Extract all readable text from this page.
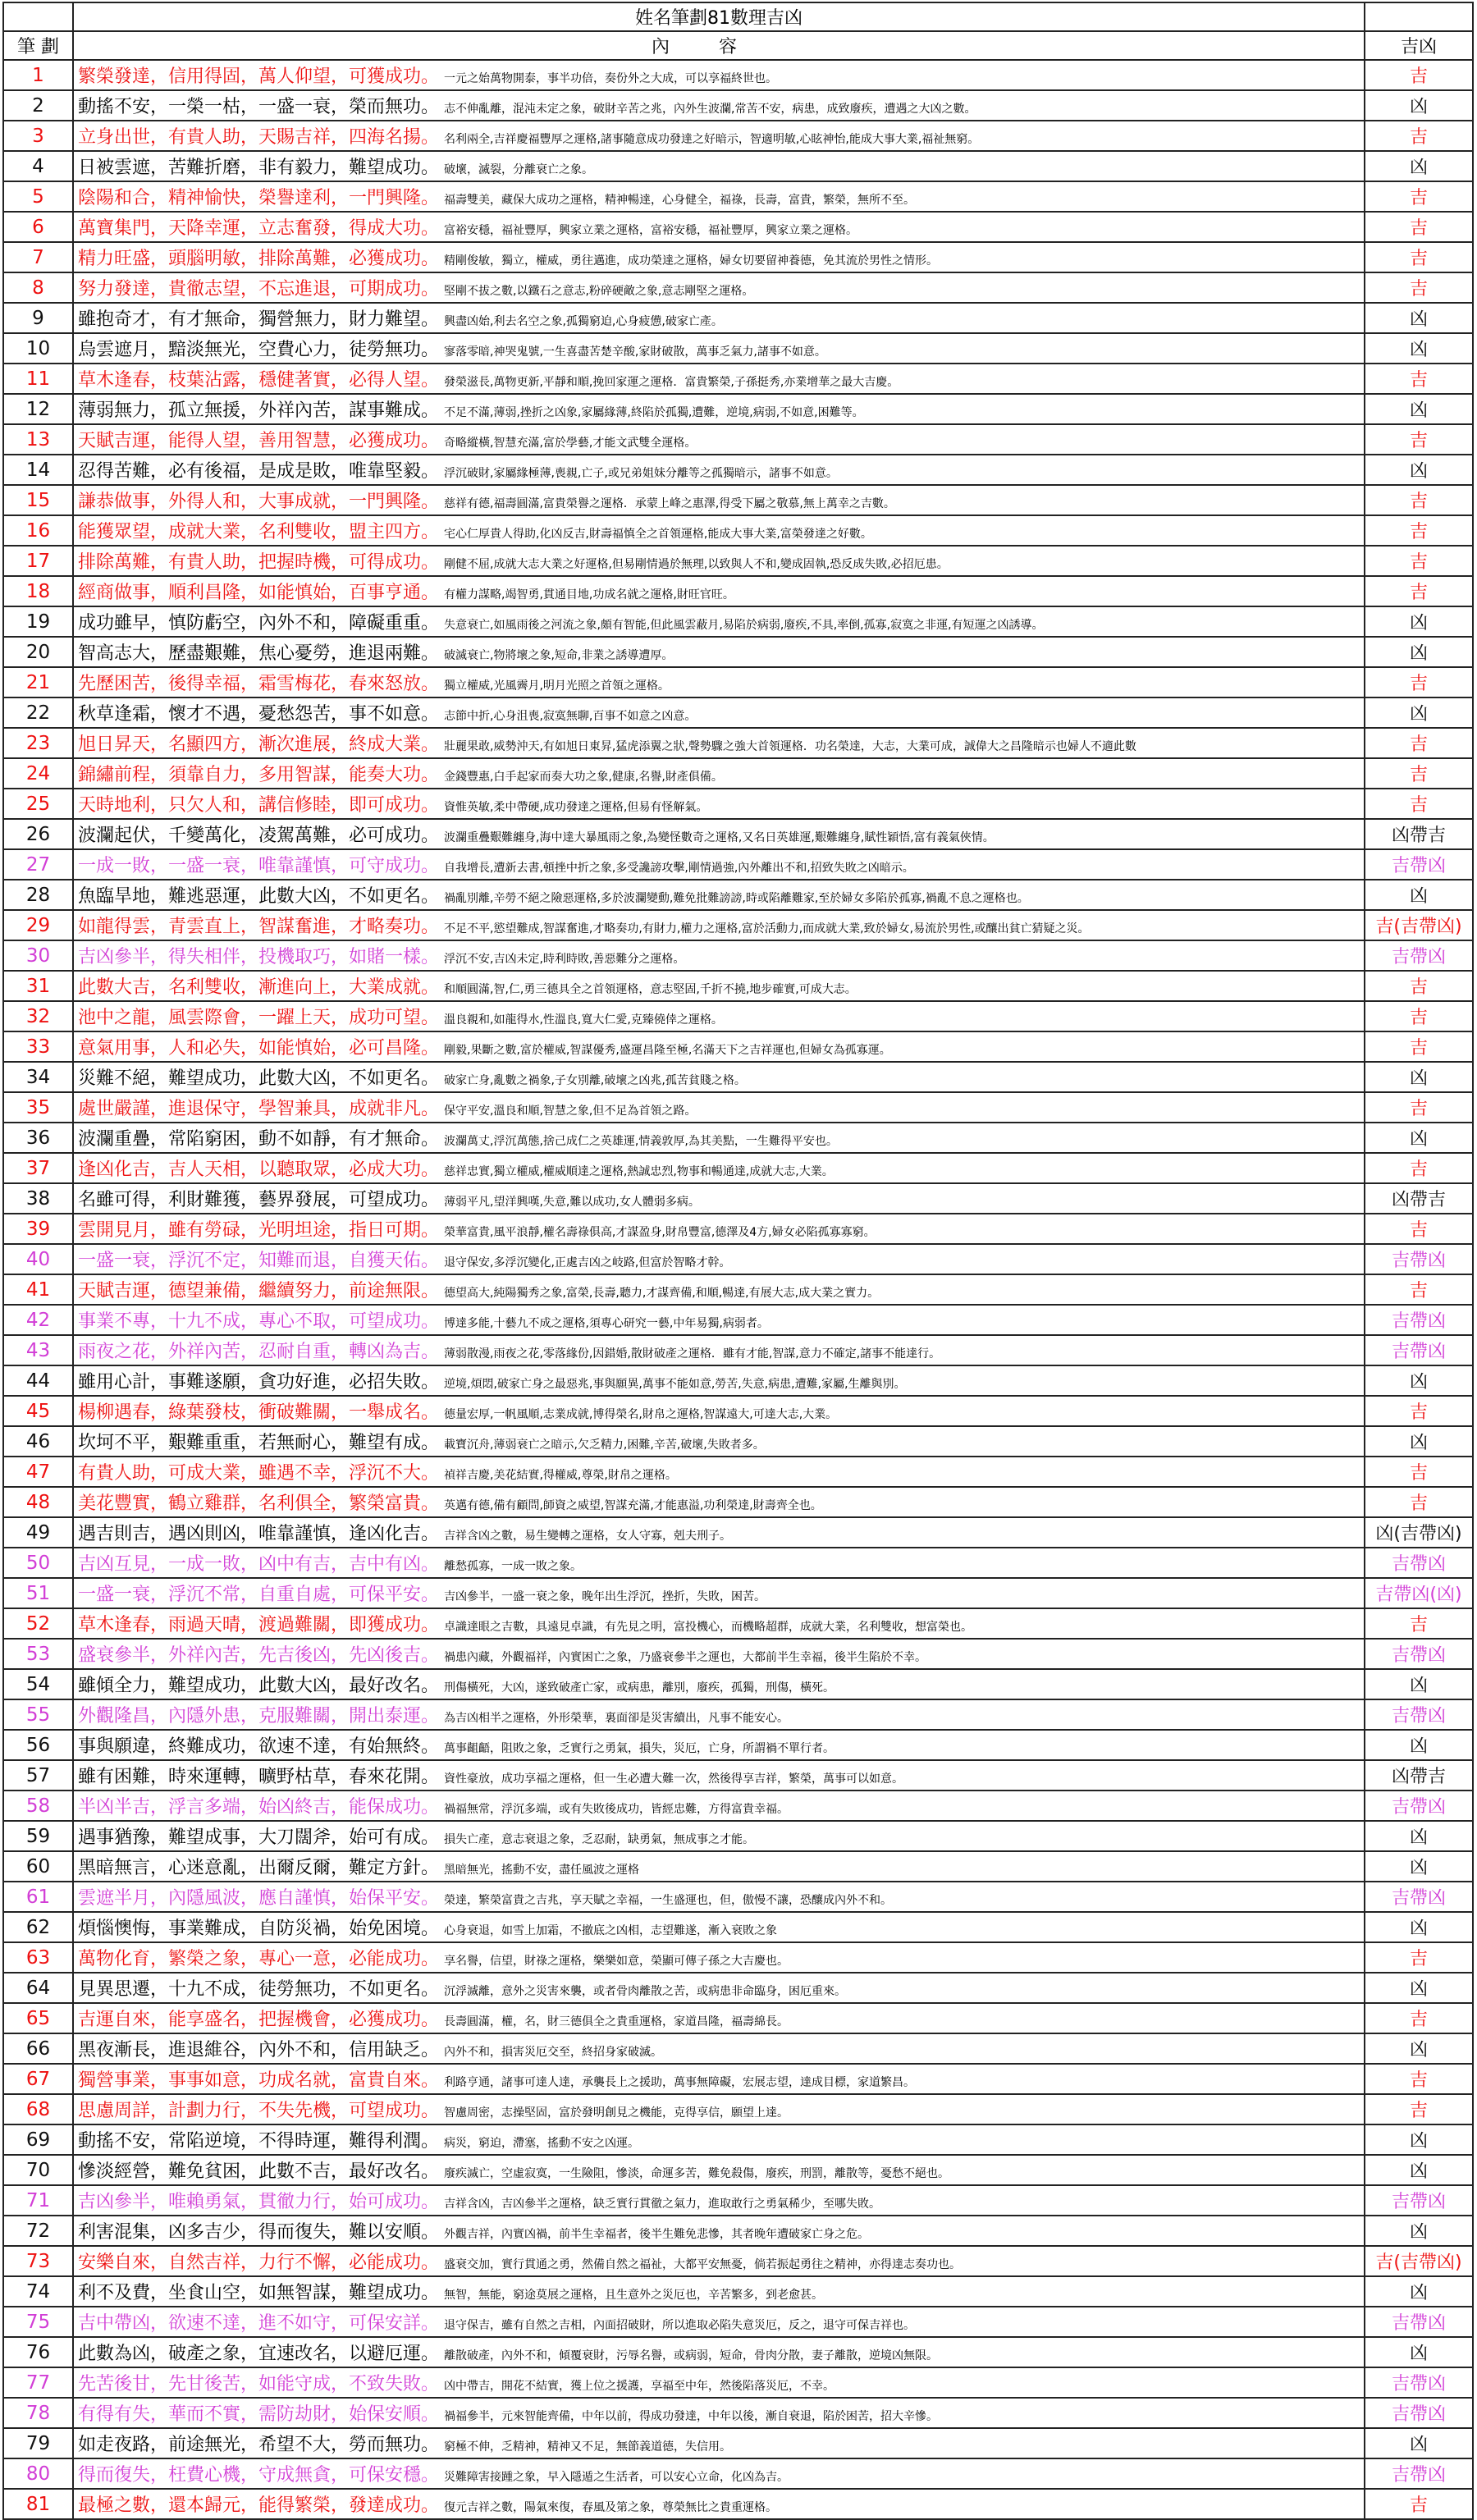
	姓名筆劃81數理吉凶	
筆 劃	內容	吉凶
1	繁榮發達，信用得固，萬人仰望，可獲成功。 一元之始萬物開泰，事半功倍，奏份外之大成，可以享福終世也。	吉
2	動搖不安，一榮一枯，一盛一衰，榮而無功。 志不伸亂離，混沌未定之象，破財辛苦之兆，內外生波瀾,常苦不安，病患，成致廢疾，遭遇之大凶之數。	凶
3	立身出世，有貴人助，天賜吉祥，四海名揚。 名利兩全,吉祥慶福豐厚之運格,諸事隨意成功發達之好暗示，智適明敏,心眩神怡,能成大事大業,福祉無窮。	吉
4	日被雲遮，苦難折磨，非有毅力，難望成功。 破壞，滅裂，分離衰亡之象。	凶
5	陰陽和合，精神愉快，榮譽達利，一門興隆。 福壽雙美，藏保大成功之運格，精神暢達，心身健全，福祿，長壽，富貴，繁榮，無所不至。	吉
6	萬寶集門，天降幸運，立志奮發，得成大功。 富裕安穩，福祉豐厚，興家立業之運格，富裕安穩，福祉豐厚，興家立業之運格。	吉
7	精力旺盛，頭腦明敏，排除萬難，必獲成功。 精剛俊敏，獨立，權威，勇往邁進，成功榮達之運格，婦女切要留神養德，免其流於男性之情形。	吉
8	努力發達，貴徹志望，不忘進退，可期成功。 堅剛不拔之數,以鐵石之意志,粉碎硬敵之象,意志剛堅之運格。	吉
9	雖抱奇才，有才無命，獨營無力，財力難望。 興盡凶始,利去名空之象,孤獨窮迫,心身疲憊,破家亡產。	凶
10	烏雲遮月，黯淡無光，空費心力，徒勞無功。 寥落零暗,神哭鬼號,一生喜盡苦楚辛酸,家財破散，萬事乏氣力,諸事不如意。	凶
11	草木逢春，枝葉沾露，穩健著實，必得人望。 發榮滋長,萬物更新,平靜和順,挽回家運之運格．富貴繁榮,子孫挺秀,亦業增華之最大吉慶。	吉
12	薄弱無力，孤立無援，外祥內苦，謀事難成。 不足不滿,薄弱,挫折之凶象,家屬緣薄,終陷於孤獨,遭難，逆境,病弱,不如意,困難等。	凶
13	天賦吉運，能得人望，善用智慧，必獲成功。 奇略縱橫,智慧充滿,富於學藝,才能文武雙全運格。	吉
14	忍得苦難，必有後福，是成是敗，唯靠堅毅。 浮沉破財,家屬緣極薄,喪親,亡子,或兄弟姐妹分離等之孤獨暗示，諸事不如意。	凶
15	謙恭做事，外得人和，大事成就，一門興隆。 慈祥有德,福壽圓滿,富貴榮譽之運格．承蒙上峰之惠澤,得受下屬之敬慕,無上萬幸之吉數。	吉
16	能獲眾望，成就大業，名利雙收，盟主四方。 宅心仁厚貴人得助,化凶反吉,財壽福慎全之首領運格,能成大事大業,富榮發達之好數。	吉
17	排除萬難，有貴人助，把握時機，可得成功。 剛健不屈,成就大志大業之好運格,但易剛情過於無理,以致與人不和,變成固執,恐反成失敗,必招厄患。	吉
18	經商做事，順利昌隆，如能慎始，百事亨通。 有權力謀略,竭智勇,貫通目地,功成名就之運格,財旺官旺。	吉
19	成功雖早，慎防虧空，內外不和，障礙重重。 失意衰亡,如風雨後之河流之象,頗有智能,但此風雲蔽月,易陷於病弱,廢疾,不具,率倒,孤寡,寂寞之非運,有短運之凶誘導。	凶
20	智高志大，歷盡艱難，焦心憂勞，進退兩難。 破滅衰亡,物將壞之象,短命,非業之誘導遭厚。	凶
21	先歷困苦，後得幸福，霜雪梅花，春來怒放。 獨立權威,光風霽月,明月光照之首領之運格。	吉
22	秋草逢霜，懷才不遇，憂愁怨苦，事不如意。 志節中折,心身沮喪,寂寞無聊,百事不如意之凶意。	凶
23	旭日昇天，名顯四方，漸次進展，終成大業。 壯麗果敢,威勢沖天,有如旭日東昇,猛虎添翼之狀,聲勢驟之強大首領運格．功名榮達，大志，大業可成，誠偉大之昌隆暗示也婦人不適此數	吉
24	錦繡前程，須靠自力，多用智謀，能奏大功。 金錢豐惠,白手起家而奏大功之象,健康,名譽,財產俱備。	吉
25	天時地利，只欠人和，講信修睦，即可成功。 資惟英敏,柔中帶硬,成功發達之運格,但易有怪解氣。	吉
26	波瀾起伏，千變萬化，凌駕萬難，必可成功。 波瀾重疊艱難纏身,海中達大暴風雨之象,為變怪數奇之運格,又名日英雄運,艱難纏身,賦性穎悟,富有義氣俠情。	凶帶吉
27	一成一敗，一盛一衰，唯靠謹慎，可守成功。 自我增長,遭新去書,頓挫中折之象,多受讒謗攻擊,剛情過強,內外離出不和,招致失敗之凶暗示。	吉帶凶
28	魚臨旱地，難逃惡運，此數大凶，不如更名。 禍亂別離,辛勞不絕之險惡運格,多於波瀾變動,難免批難謗謗,時或陷離難家,至於婦女多陷於孤寡,禍亂不息之運格也。	凶
29	如龍得雲，青雲直上，智謀奮進，才略奏功。 不足不平,慾望難成,智謀奮進,才略奏功,有財力,權力之運格,富於活動力,而成就大業,致於婦女,易流於男性,或釀出貧亡猜疑之災。	吉(吉帶凶)
30	吉凶參半，得失相伴，投機取巧，如賭一樣。 浮沉不安,吉凶未定,時利時敗,善惡難分之運格。	吉帶凶
31	此數大吉，名利雙收，漸進向上，大業成就。 和順圓滿,智,仁,勇三德具全之首領運格，意志堅固,千折不撓,地步確實,可成大志。	吉
32	池中之龍，風雲際會，一躍上天，成功可望。 溫良親和,如龍得水,性溫良,寬大仁愛,克臻僥倖之運格。	吉
33	意氣用事，人和必失，如能慎始，必可昌隆。 剛毅,果斷之數,富於權威,智謀優秀,盛運昌隆至極,名滿天下之吉祥運也,但婦女為孤寡運。	吉
34	災難不絕，難望成功，此數大凶，不如更名。 破家亡身,亂數之禍象,子女別離,破壞之凶兆,孤苦貧賤之格。	凶
35	處世嚴謹，進退保守，學智兼具，成就非凡。 保守平安,溫良和順,智慧之象,但不足為首領之路。	吉
36	波瀾重疊，常陷窮困，動不如靜，有才無命。 波瀾萬丈,浮沉萬態,捨己成仁之英雄運,情義敦厚,為其美點，一生難得平安也。	凶
37	逢凶化吉，吉人天相，以聽取眾，必成大功。 慈祥忠實,獨立權威,權威順達之運格,熱誠忠烈,物事和暢通達,成就大志,大業。	吉
38	名雖可得，利財難獲，藝界發展，可望成功。 薄弱平凡,望洋興嘆,失意,難以成功,女人體弱多病。	凶帶吉
39	雲開見月，雖有勞碌，光明坦途，指日可期。 榮華富貴,風平浪靜,權名壽祿俱高,才謀盈身,財帛豐富,德澤及4方,婦女必陷孤寡寡窮。	吉
40	一盛一衰，浮沉不定，知難而退，自獲天佑。 退守保安,多浮沉變化,正處吉凶之岐路,但富於智略才幹。	吉帶凶
41	天賦吉運，德望兼備，繼續努力，前途無限。 德望高大,純陽獨秀之象,富榮,長壽,聽力,才謀齊備,和順,暢達,有展大志,成大業之實力。	吉
42	事業不專，十九不成，專心不取，可望成功。 博達多能,十藝九不成之運格,須專心研究一藝,中年易獨,病弱者。	吉帶凶
43	雨夜之花，外祥內苦，忍耐自重，轉凶為吉。 薄弱散漫,雨夜之花,零落緣份,因錯婚,散財破產之運格．雖有才能,智謀,意力不確定,諸事不能達行。	吉帶凶
44	雖用心計，事難遂願，貪功好進，必招失敗。 逆境,煩悶,破家亡身之最惡兆,事與願異,萬事不能如意,勞苦,失意,病患,遭難,家屬,生離與別。	凶
45	楊柳遇春，綠葉發枝，衝破難關，一舉成名。 德量宏厚,一帆風順,志業成就,博得榮名,財帛之運格,智謀遠大,可達大志,大業。	吉
46	坎坷不平，艱難重重，若無耐心，難望有成。 載寶沉舟,薄弱衰亡之暗示,欠乏精力,困難,辛苦,破壞,失敗者多。	凶
47	有貴人助，可成大業，雖遇不幸，浮沉不大。 禎祥吉慶,美花結實,得權威,尊榮,財帛之運格。	吉
48	美花豐實，鶴立雞群，名利俱全，繁榮富貴。 英邁有德,備有顧問,師資之威望,智謀充滿,才能惠溢,功利榮達,財壽齊全也。	吉
49	遇吉則吉，遇凶則凶，唯靠謹慎，逢凶化吉。 吉祥含凶之數，易生變轉之運格，女人守寡，剋夫刑子。	凶(吉帶凶)
50	吉凶互見，一成一敗，凶中有吉，吉中有凶。 離愁孤寡，一成一敗之象。	吉帶凶
51	一盛一衰，浮沉不常，自重自處，可保平安。 吉凶參半，一盛一衰之象，晚年出生浮沉，挫折，失敗，困苦。	吉帶凶(凶)
52	草木逢春，雨過天晴，渡過難關，即獲成功。 卓識達眼之吉數，具遠見卓識，有先見之明，富投機心，而機略超群，成就大業，名利雙收，想富榮也。	吉
53	盛衰參半，外祥內苦，先吉後凶，先凶後吉。 禍患內藏，外觀福祥，內實困亡之象，乃盛衰參半之運也，大都前半生幸福，後半生陷於不幸。	吉帶凶
54	雖傾全力，難望成功，此數大凶，最好改名。 刑傷橫死，大凶，遂致破產亡家，或病患，離別，廢疾，孤獨，刑傷，橫死。	凶
55	外觀隆昌，內隱外患，克服難關，開出泰運。 為吉凶相半之運格，外形榮華，裏面卻是災害續出，凡事不能安心。	吉帶凶
56	事與願違，終難成功，欲速不達，有始無終。 萬事齟齬，阻敗之象，乏實行之勇氣，損失，災厄，亡身，所謂禍不單行者。	凶
57	雖有困難，時來運轉，曠野枯草，春來花開。 資性豪放，成功享福之運格，但一生必遭大難一次，然後得享吉祥，繁榮，萬事可以如意。	凶帶吉
58	半凶半吉，浮言多端，始凶終吉，能保成功。 禍福無常，浮沉多端，或有失敗後成功，皆經忠難，方得富貴幸福。	吉帶凶
59	遇事猶豫，難望成事，大刀闊斧，始可有成。 損失亡產，意志衰退之象，乏忍耐，缺勇氣，無成事之才能。	凶
60	黑暗無言，心迷意亂，出爾反爾，難定方針。 黑暗無光，搖動不安，盡任風波之運格	凶
61	雲遮半月，內隱風波，應自謹慎，始保平安。 榮達，繁榮富貴之吉兆，享天賦之幸福，一生盛運也，但，傲慢不讓，恐釀成內外不和。	吉帶凶
62	煩惱懊悔，事業難成，自防災禍，始免困境。 心身衰退，如雪上加霜，不撤底之凶相，志望難遂，漸入衰敗之象	凶
63	萬物化育，繁榮之象，專心一意，必能成功。 享名譽，信望，財祿之運格，樂樂如意，榮顯可傳子孫之大吉慶也。	吉
64	見異思遷，十九不成，徒勞無功，不如更名。 沉浮滅離，意外之災害來襲，或者骨肉離散之苦，或病患非命臨身，困厄重來。	凶
65	吉運自來，能享盛名，把握機會，必獲成功。 長壽圓滿，權，名，財三德俱全之貴重運格，家道昌隆，福壽綿長。	吉
66	黑夜漸長，進退維谷，內外不和，信用缺乏。 內外不和，損害災厄交至，終招身家破滅。	凶
67	獨營事業，事事如意，功成名就，富貴自來。 利路亨通，諸事可達人達，承襲長上之援助，萬事無障礙，宏展志望，達成目標，家道繁昌。	吉
68	思慮周詳，計劃力行，不失先機，可望成功。 智慮周密，志操堅固，富於發明創見之機能，克得享信，願望上達。	吉
69	動搖不安，常陷逆境，不得時運，難得利潤。 病災，窮迫，滯塞，搖動不安之凶運。	凶
70	慘淡經營，難免貧困，此數不吉，最好改名。 廢疾滅亡，空虛寂寞，一生險阻，慘淡，命運多苦，難免殺傷，廢疾，刑罰，離散等，憂愁不絕也。	凶
71	吉凶參半，唯賴勇氣，貫徹力行，始可成功。 吉祥含凶，吉凶參半之運格，缺乏實行貫徹之氣力，進取敢行之勇氣稀少，至哪失敗。	吉帶凶
72	利害混集，凶多吉少，得而復失，難以安順。 外觀吉祥，內實凶禍，前半生幸福者，後半生難免悲慘，其者晚年遭破家亡身之危。	凶
73	安樂自來，自然吉祥，力行不懈，必能成功。 盛衰交加，實行貫通之勇，然備自然之福祉，大都平安無憂，倘若振起勇往之精神，亦得達志奏功也。	吉(吉帶凶)
74	利不及費，坐食山空，如無智謀，難望成功。 無智，無能，窮途莫展之運格，且生意外之災厄也，辛苦繁多，到老愈甚。	凶
75	吉中帶凶，欲速不達，進不如守，可保安詳。 退守保吉，雖有自然之吉相，內面招破財，所以進取必陷失意災厄，反之，退守可保吉祥也。	吉帶凶
76	此數為凶，破產之象，宜速改名，以避厄運。 離散破產，內外不和，傾覆衰財，污辱名譽，或病弱，短命，骨肉分散，妻子離散，逆境凶無限。	凶
77	先苦後甘，先甘後苦，如能守成，不致失敗。 凶中帶吉，開花不結實，獲上位之援護，享福至中年，然後陷落災厄，不幸。	吉帶凶
78	有得有失，華而不實，需防劫財，始保安順。 禍福參半，元來智能齊備，中年以前，得成功發達，中年以後，漸自衰退，陷於困苦，招大辛慘。	吉帶凶
79	如走夜路，前途無光，希望不大，勞而無功。 窮極不伸，乏精神，精神又不足，無節義道德，失信用。	凶
80	得而復失，枉費心機，守成無貪，可保安穩。 災難障害接踵之象，早入隱遁之生活者，可以安心立命，化凶為吉。	吉帶凶
81	最極之數，還本歸元，能得繁榮，發達成功。 復元吉祥之數，陽氣來復，春風及第之象，尊榮無比之貴重運格。	吉
